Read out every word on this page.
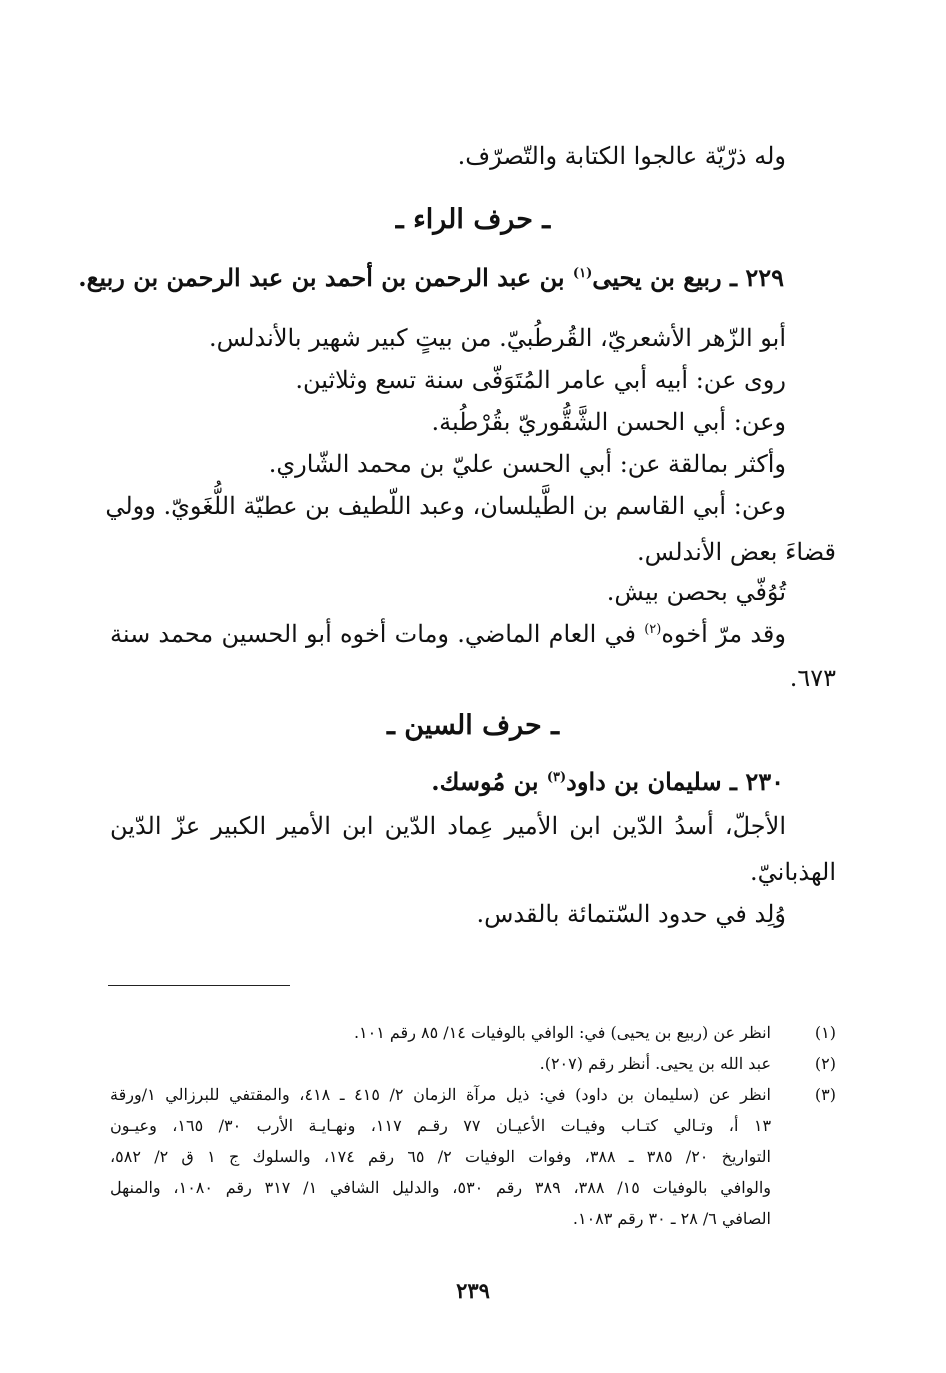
وله ذرّيّة عالجوا الكتابة والتّصرّف.
ـ حرف الراء ـ
٢٢٩ ـ ربيع بن يحيى$^{(١)}$ بن عبد الرحمن بن أحمد بن عبد الرحمن بن ربيع.
أبو الزّهر الأشعريّ، القُرطُبيّ. من بيتٍ كبير شهير بالأندلس.
روى عن: أبيه أبي عامر المُتَوَفّى سنة تسع وثلاثين.
وعن: أبي الحسن الشَّقُّوريّ بقُرْطُبة.
وأكثر بمالقة عن: أبي الحسن عليّ بن محمد الشّاري.
وعن: أبي القاسم بن الطَّيلسان، وعبد اللّطيف بن عطيّة اللُّغَويّ. وولي
قضاءَ بعض الأندلس.
تُوُفّي بحصن بيش.
وقد مرّ أخوه$^{(٢)}$ في العام الماضي. ومات أخوه أبو الحسين محمد سنة
٦٧٣.
ـ حرف السين ـ
٢٣٠ ـ سليمان بن داود$^{(٣)}$ بن مُوسك.
الأجلّ، أسدُ الدّين ابن الأمير عِماد الدّين ابن الأمير الكبير عزّ الدّين
الهذبانيّ.
وُلِد في حدود السّتمائة بالقدس.
(١)
انظر عن (ربيع بن يحيى) في: الوافي بالوفيات ١٤/ ٨٥ رقم ١٠١.
(٢)
عبد الله بن يحيى. أنظر رقم (٢٠٧).
(٣)
انظر عن (سليمان بن داود) في: ذيل مرآة الزمان ٢/ ٤١٥ ـ ٤١٨، والمقتفي للبرزالي ١/ورقة
١٣ أ، وتـالي كتـاب وفيـات الأعيـان ٧٧ رقـم ١١٧، ونهـايـة الأرب ٣٠/ ١٦٥، وعيـون
التواريخ ٢٠/ ٣٨٥ ـ ٣٨٨، وفوات الوفيات ٢/ ٦٥ رقم ١٧٤، والسلوك ج ١ ق ٢/ ٥٨٢،
والوافي بالوفيات ١٥/ ٣٨٨، ٣٨٩ رقم ٥٣٠، والدليل الشافي ١/ ٣١٧ رقم ١٠٨٠، والمنهل
الصافي ٦/ ٢٨ ـ ٣٠ رقم ١٠٨٣.
٢٣٩
